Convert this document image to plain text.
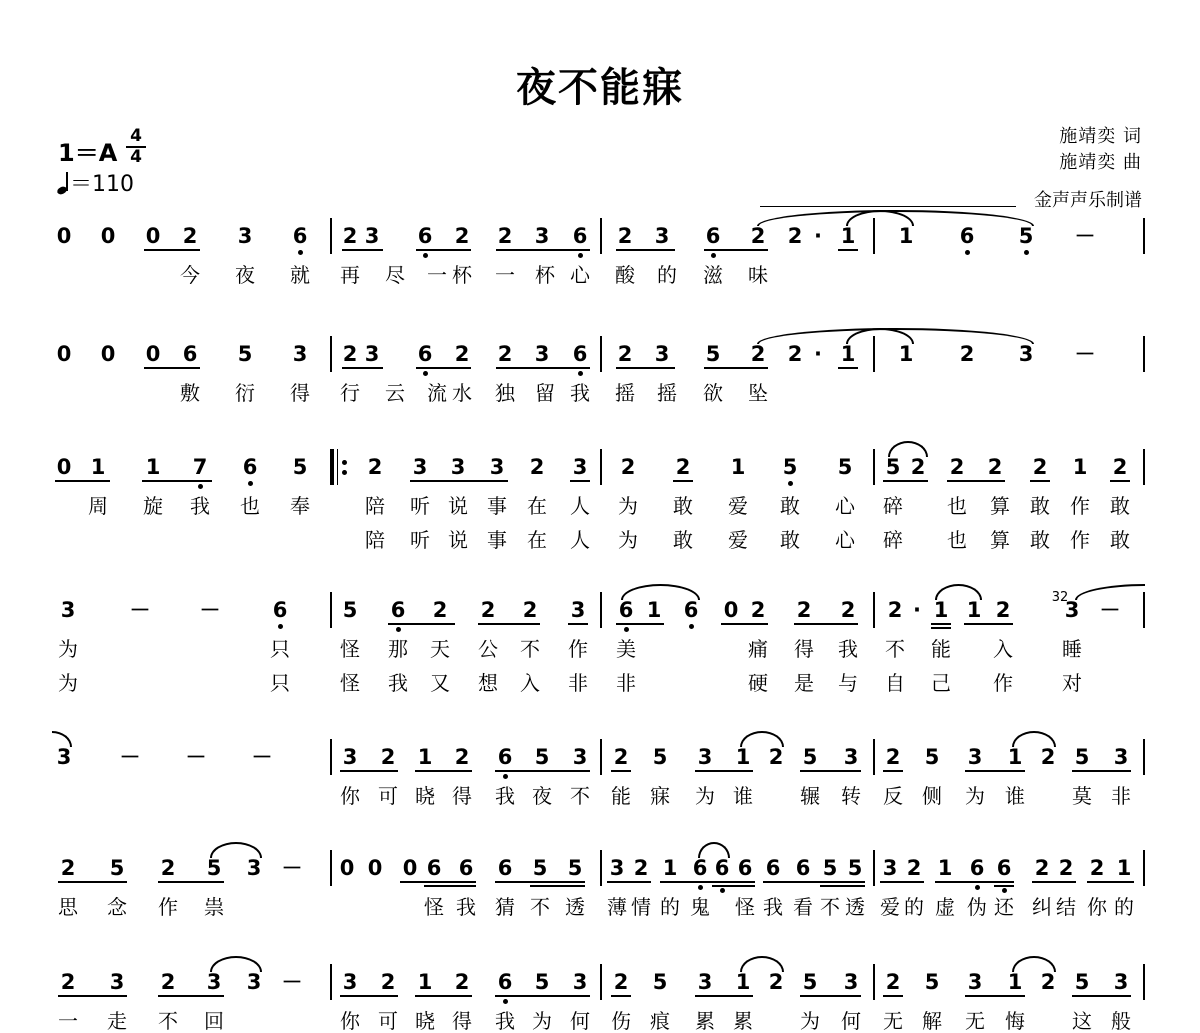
夜不能寐
1＝A
4
4
＝110
施靖奕 词
施靖奕 曲
金声声乐制谱
0 0 0 2 3 6 2 3 6 2 2 3 6 2 3 6 2 2 · 1 1 6 5 －
今 夜 就 再 尽 一 杯 一 杯 心 酸 的 滋 味
0 0 0 6 5 3 2 3 6 2 2 3 6 2 3 5 2 2 · 1 1 2 3 －
敷 衍 得 行 云 流 水 独 留 我 摇 摇 欲 坠
0 1 1 7 6 5	2 3 3 3 2 3 2 2 1 5 5 5 2 2 2 2 1 2
周 旋 我 也 奉	陪 听 说 事 在 人 为 敢 爱 敢 心 碎 也 算 敢 作 敢
陪 听 说 事 在 人 为 敢 爱 敢 心 碎 也 算 敢 作 敢
3	－ － 6	5 6 2 2 2 3 6 1 6 0 2 2 2 2 · 1 1 2	3 －
32
为	只	怪 那 天 公 不 作 美	痛 得 我 不 能 入 睡
为	只	怪 我 又 想 入 非 非	硬 是 与 自 己 作 对
3 － － －	3 2 1 2 6 5 3 2 5 3 1 2 5 3 2 5 3 1 2 5 3
你 可 晓 得 我 夜 不 能 寐 为 谁 辗 转 反 侧 为 谁 莫 非
2 5 2 5 3 － 0 0 0 6 6 6 5 5 3 2 1 6 6 6 6 6 5 5 3 2 1 6 6 2 2 2 1
思 念 作 祟	怪 我 猜 不 透 薄 情 的 鬼 怪 我 看 不 透 爱 的 虚 伪 还 纠 结 你 的
2 3 2 3 3 － 3 2 1 2 6 5 3 2 5 3 1 2 5 3 2 5 3 1 2 5 3
一 走 不 回	你 可 晓 得 我 为 何 伤 痕 累 累 为 何 无 解 无 悔 这 般
